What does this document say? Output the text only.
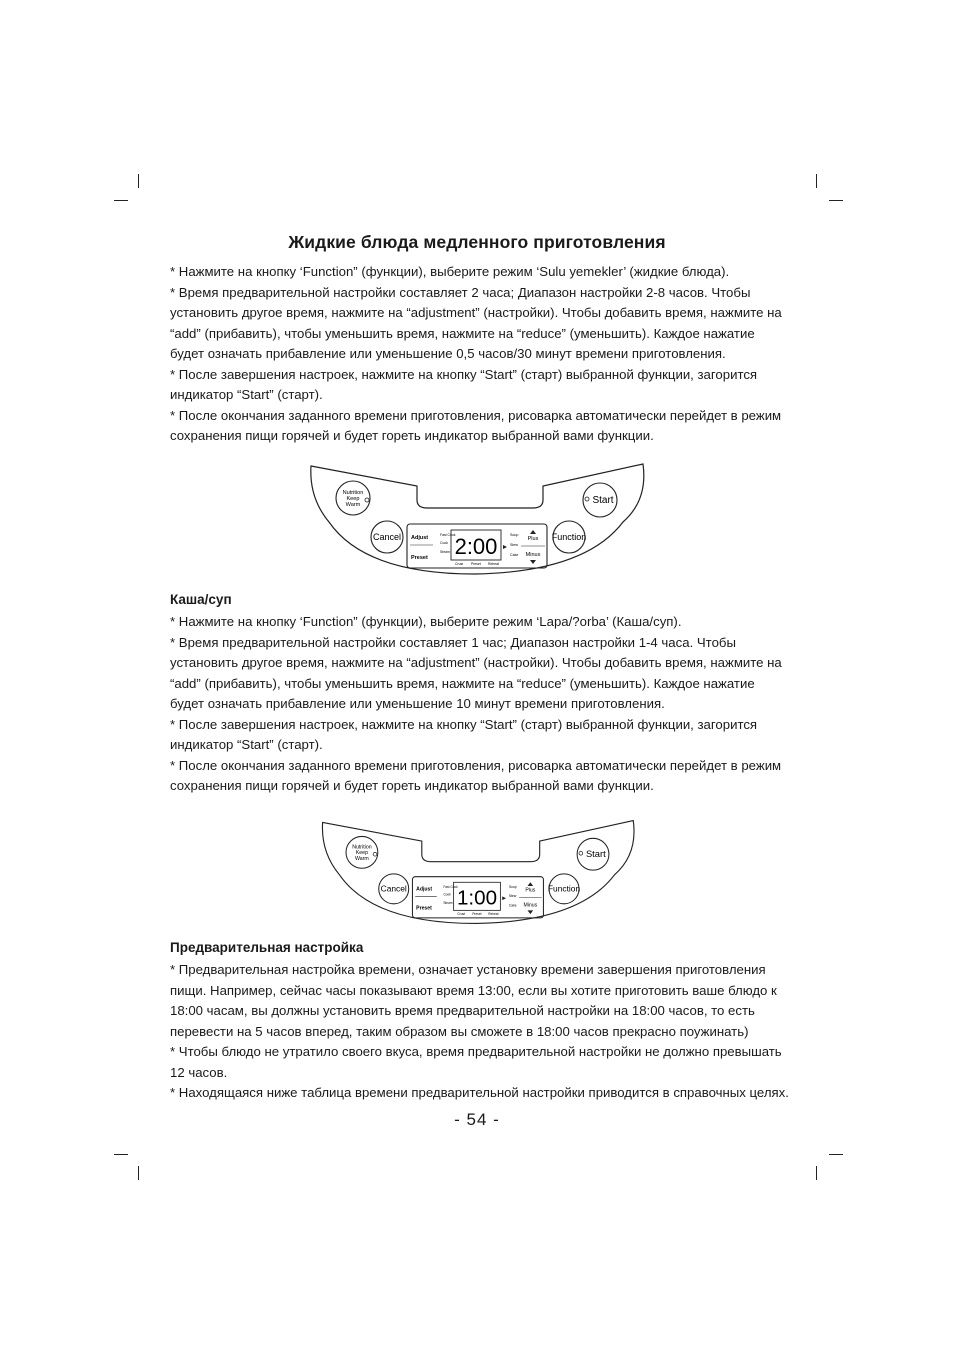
Жидкие блюда медленного приготовления

* Нажмите на кнопку ‘Function” (функции), выберите режим ‘Sulu yemekler’ (жидкие блюда).

* Время предварительной настройки составляет 2 часа; Диапазон настройки 2-8 часов. Чтобы установить другое время, нажмите на “adjustment” (настройки). Чтобы добавить время, нажмите на “add” (прибавить), чтобы уменьшить время, нажмите на “reduce” (уменьшить). Каждое нажатие будет означать прибавление или уменьшение 0,5 часов/30 минут времени приготовления.

* После завершения настроек, нажмите на кнопку “Start” (старт) выбранной функции, загорится индикатор “Start” (старт).

* После окончания заданного времени приготовления, рисоварка автоматически перейдет в режим сохранения пищи горячей и будет гореть индикатор выбранной вами функции.

Nutrition
Keep
Warm	Start
Cancel	Function
Adjust
Preset
Fast Cook
Cook
Steam 2:00	Soup
Stew
Cake
Crust Preset Reheat
Plus
Minus
Каша/суп

* Нажмите на кнопку ‘Function” (функции), выберите режим ‘Lapa/?orba’ (Каша/суп).

* Время предварительной настройки составляет 1 час; Диапазон настройки 1-4 часа. Чтобы установить другое время, нажмите на “adjustment” (настройки). Чтобы добавить время, нажмите на “add” (прибавить), чтобы уменьшить время, нажмите на “reduce” (уменьшить). Каждое нажатие будет означать прибавление или уменьшение 10 минут времени приготовления.

* После завершения настроек, нажмите на кнопку “Start” (старт) выбранной функции, загорится индикатор “Start” (старт).

* После окончания заданного времени приготовления, рисоварка автоматически перейдет в режим сохранения пищи горячей и будет гореть индикатор выбранной вами функции.

Nutrition
Keep
Warm	Start
Cancel	Function
Adjust
Preset
Fast Cook
Cook
Steam 1:00	Soup
Stew
Cake
Crust Preset Reheat
Plus
Minus
Предварительная настройка

* Предварительная настройка времени, означает установку времени завершения приготовления пищи. Например, сейчас часы показывают время 13:00, если вы хотите приготовить ваше блюдо к 18:00 часам, вы должны установить время предварительной настройки на 18:00 часов, то есть перевести на 5 часов вперед, таким образом вы сможете в 18:00 часов прекрасно поужинать)

* Чтобы блюдо не утратило своего вкуса, время предварительной настройки не должно превышать 12 часов.

* Находящаяся ниже таблица времени предварительной настройки приводится в справочных целях.

- 54 -
